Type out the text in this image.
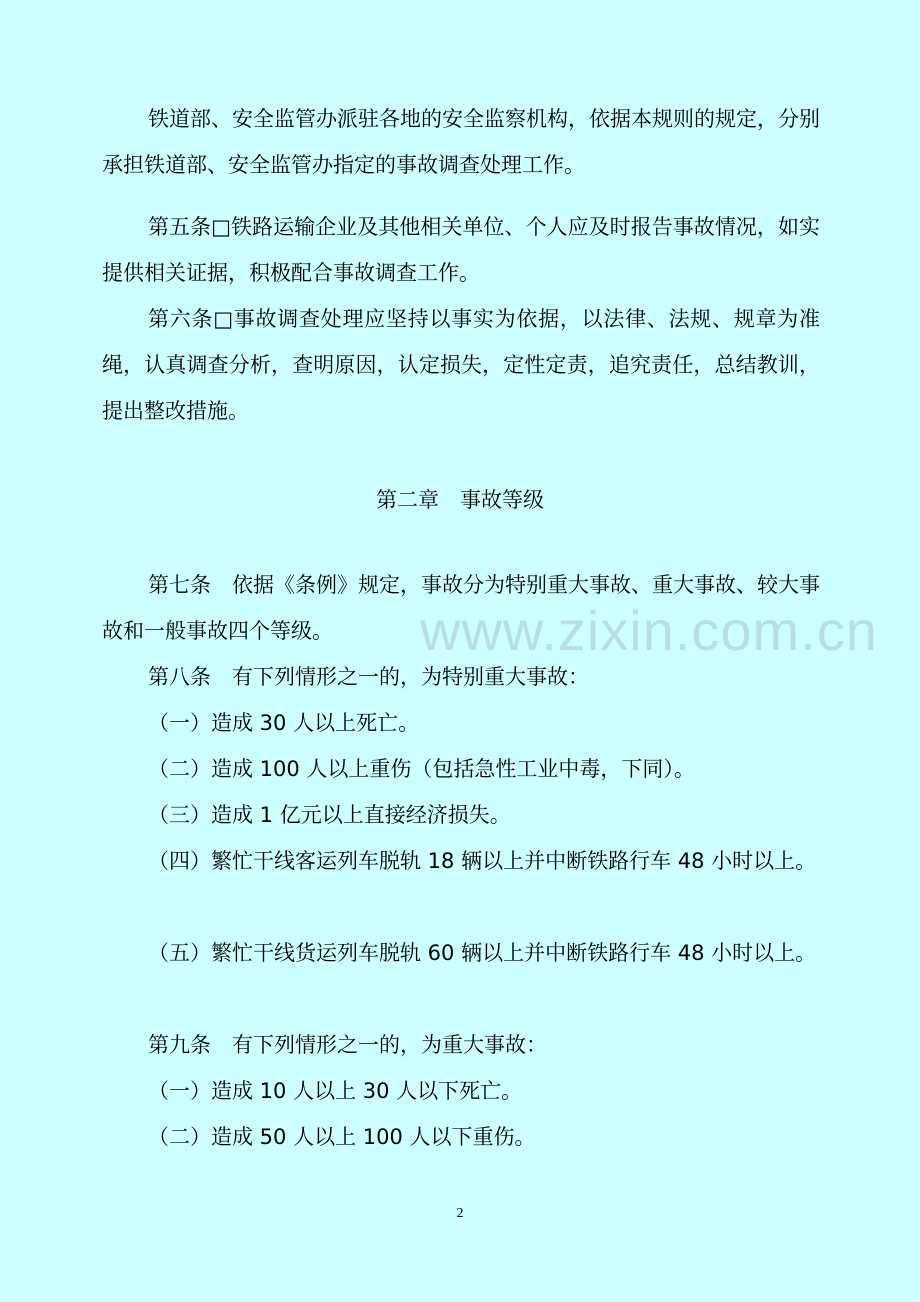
铁道部、安全监管办派驻各地的安全监察机构，依据本规则的规定，分别承担铁道部、安全监管办指定的事故调查处理工作。

第五条□铁路运输企业及其他相关单位、个人应及时报告事故情况，如实提供相关证据，积极配合事故调查工作。

第六条□事故调查处理应坚持以事实为依据，以法律、法规、规章为准绳，认真调查分析，查明原因，认定损失，定性定责，追究责任，总结教训，提出整改措施。

第二章　事故等级

第七条　依据《条例》规定，事故分为特别重大事故、重大事故、较大事故和一般事故四个等级。

第八条　有下列情形之一的，为特别重大事故：

（一）造成 30 人以上死亡。

（二）造成 100 人以上重伤（包括急性工业中毒，下同）。

（三）造成 1 亿元以上直接经济损失。

（四）繁忙干线客运列车脱轨 18 辆以上并中断铁路行车 48 小时以上。

（五）繁忙干线货运列车脱轨 60 辆以上并中断铁路行车 48 小时以上。

第九条　有下列情形之一的，为重大事故：

（一）造成 10 人以上 30 人以下死亡。

（二）造成 50 人以上 100 人以下重伤。

www.zixin.com.cn
2
